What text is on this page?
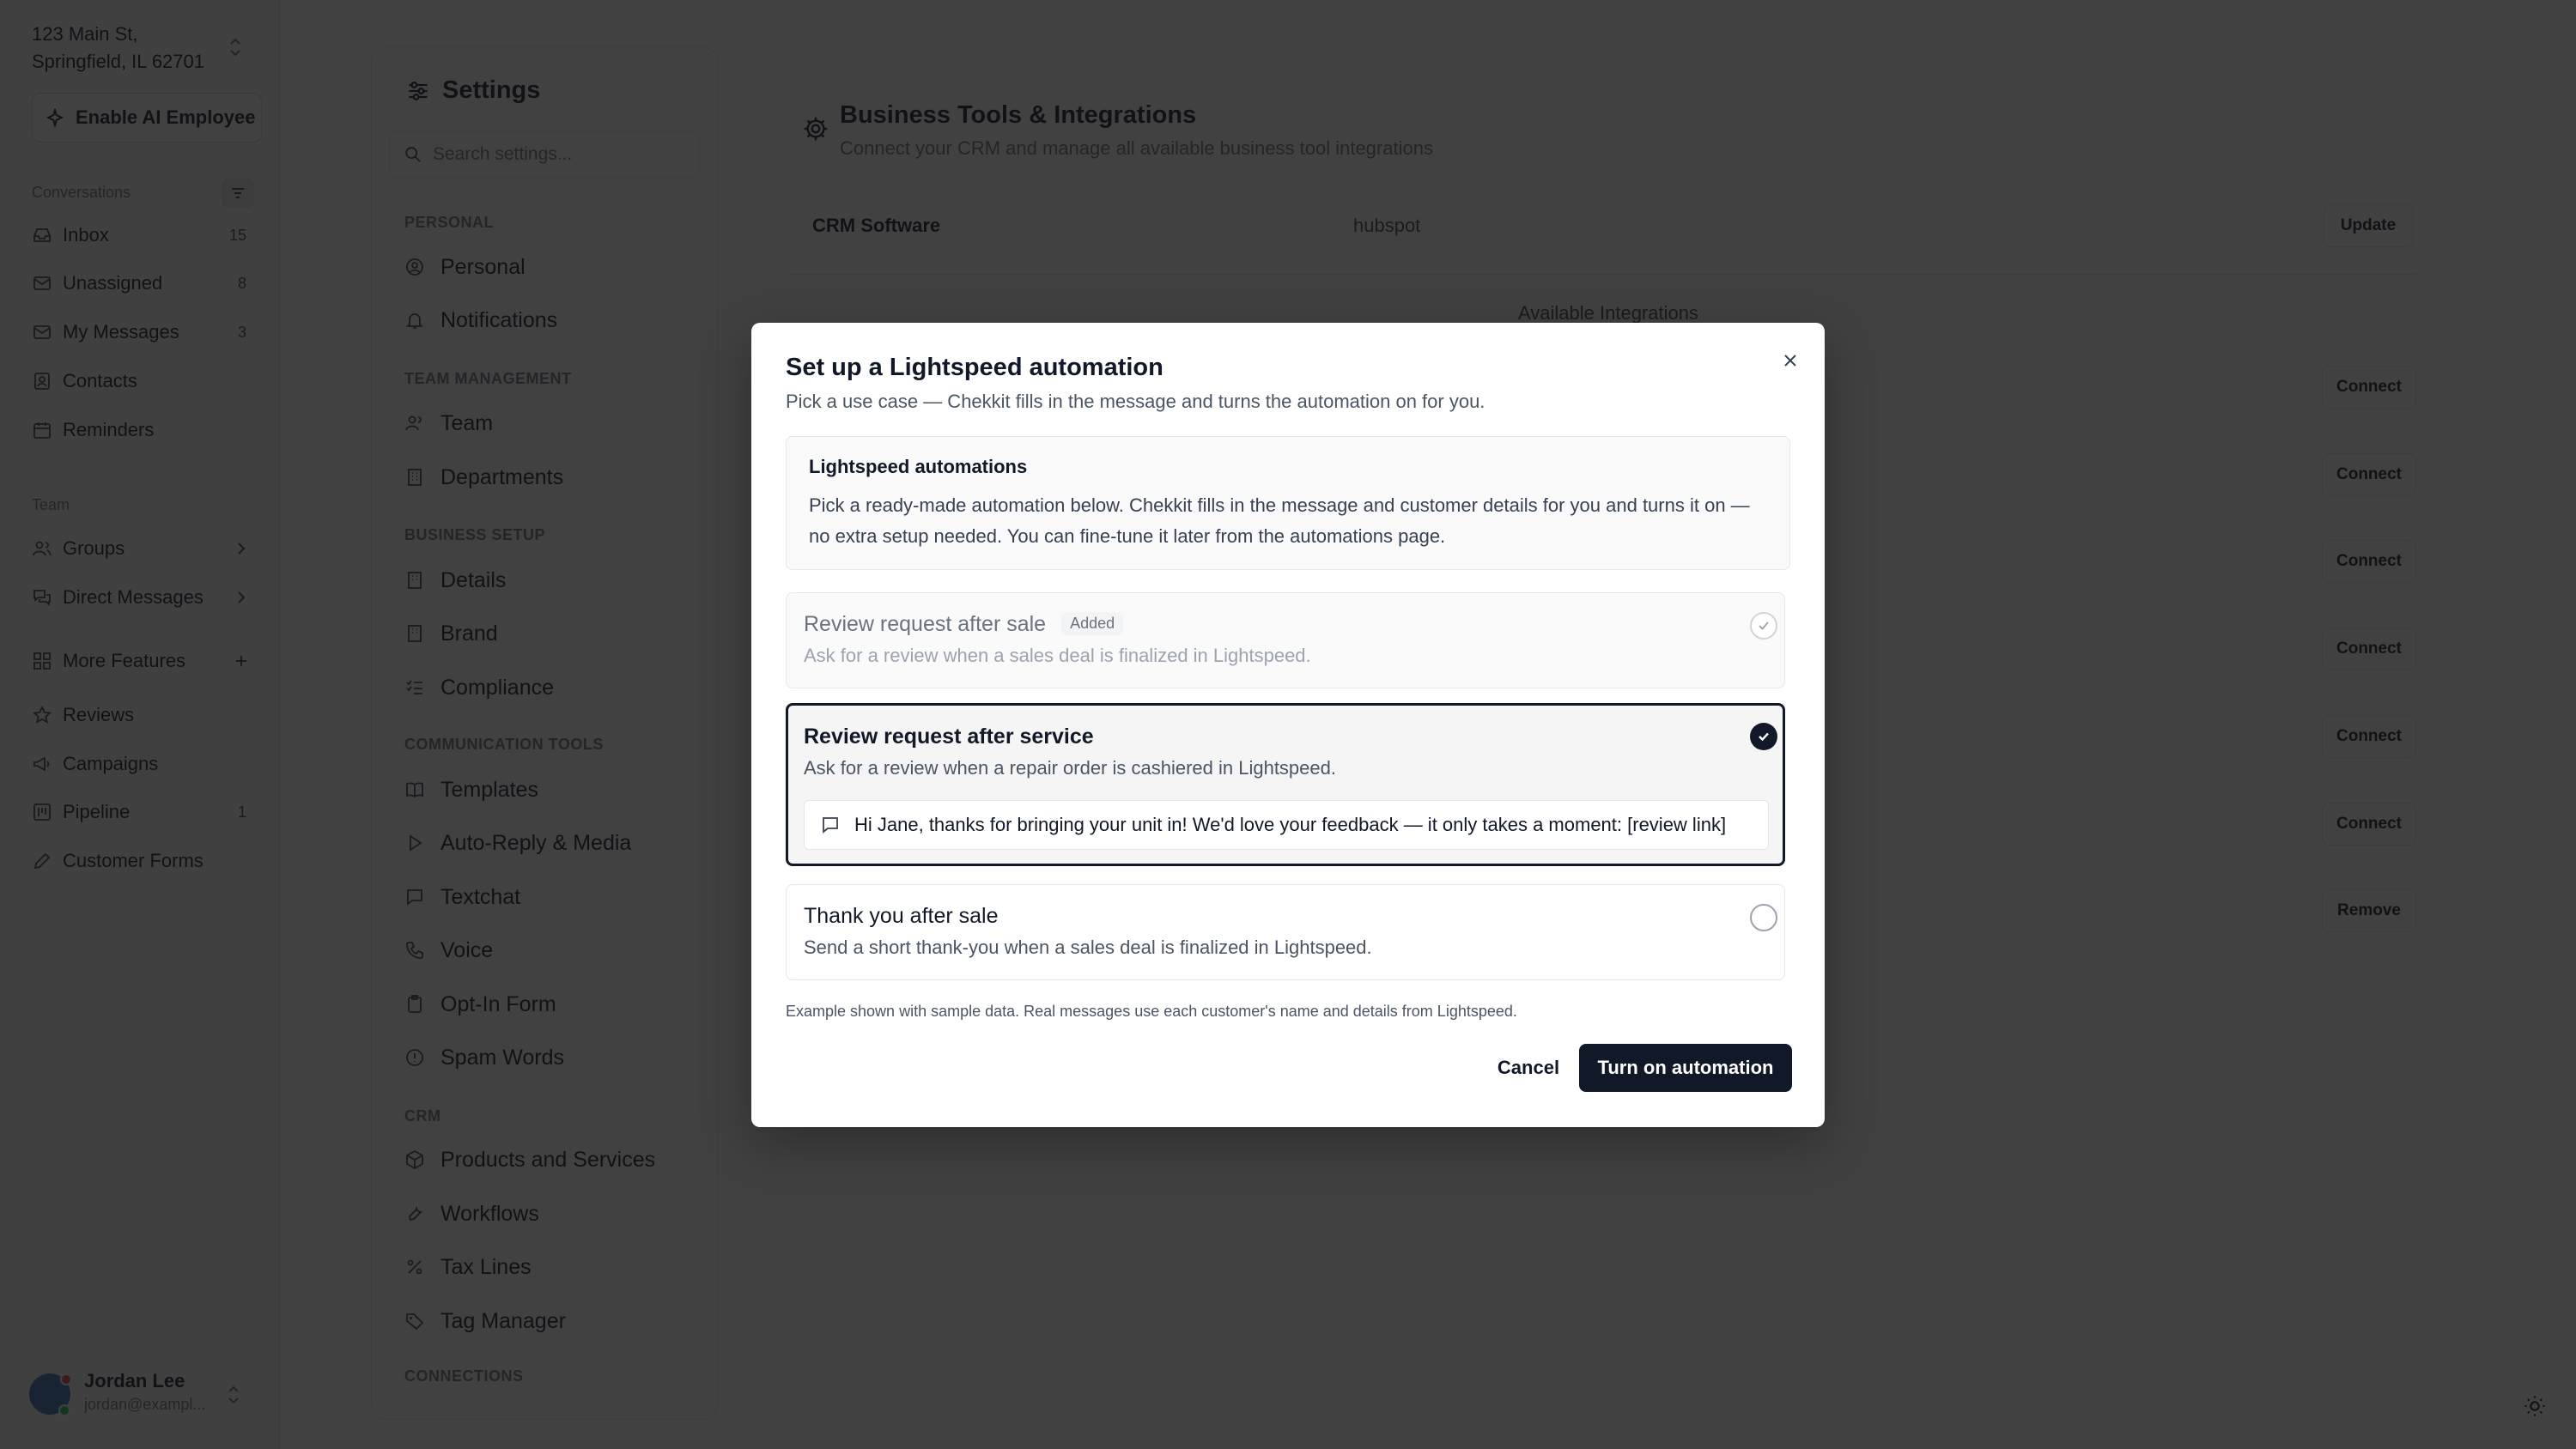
Search settings...
Set up a Lightspeed automation
Pick a use case — Chekkit fills in the message and turns the automation on for you.
Lightspeed automations
Pick a ready-made automation below. Chekkit fills in the message and customer details for you and turns it on — no extra setup needed. You can fine-tune it later from the automations page.
Review request after sale Added
Ask for a review when a sales deal is finalized in Lightspeed.
Review request after service
Ask for a review when a repair order is cashiered in Lightspeed.
Hi Jane, thanks for bringing your unit in! We'd love your feedback — it only takes a moment: [review link]
Thank you after sale
Send a short thank-you when a sales deal is finalized in Lightspeed.
Example shown with sample data. Real messages use each customer's name and details from Lightspeed.
Cancel	Turn on automation
